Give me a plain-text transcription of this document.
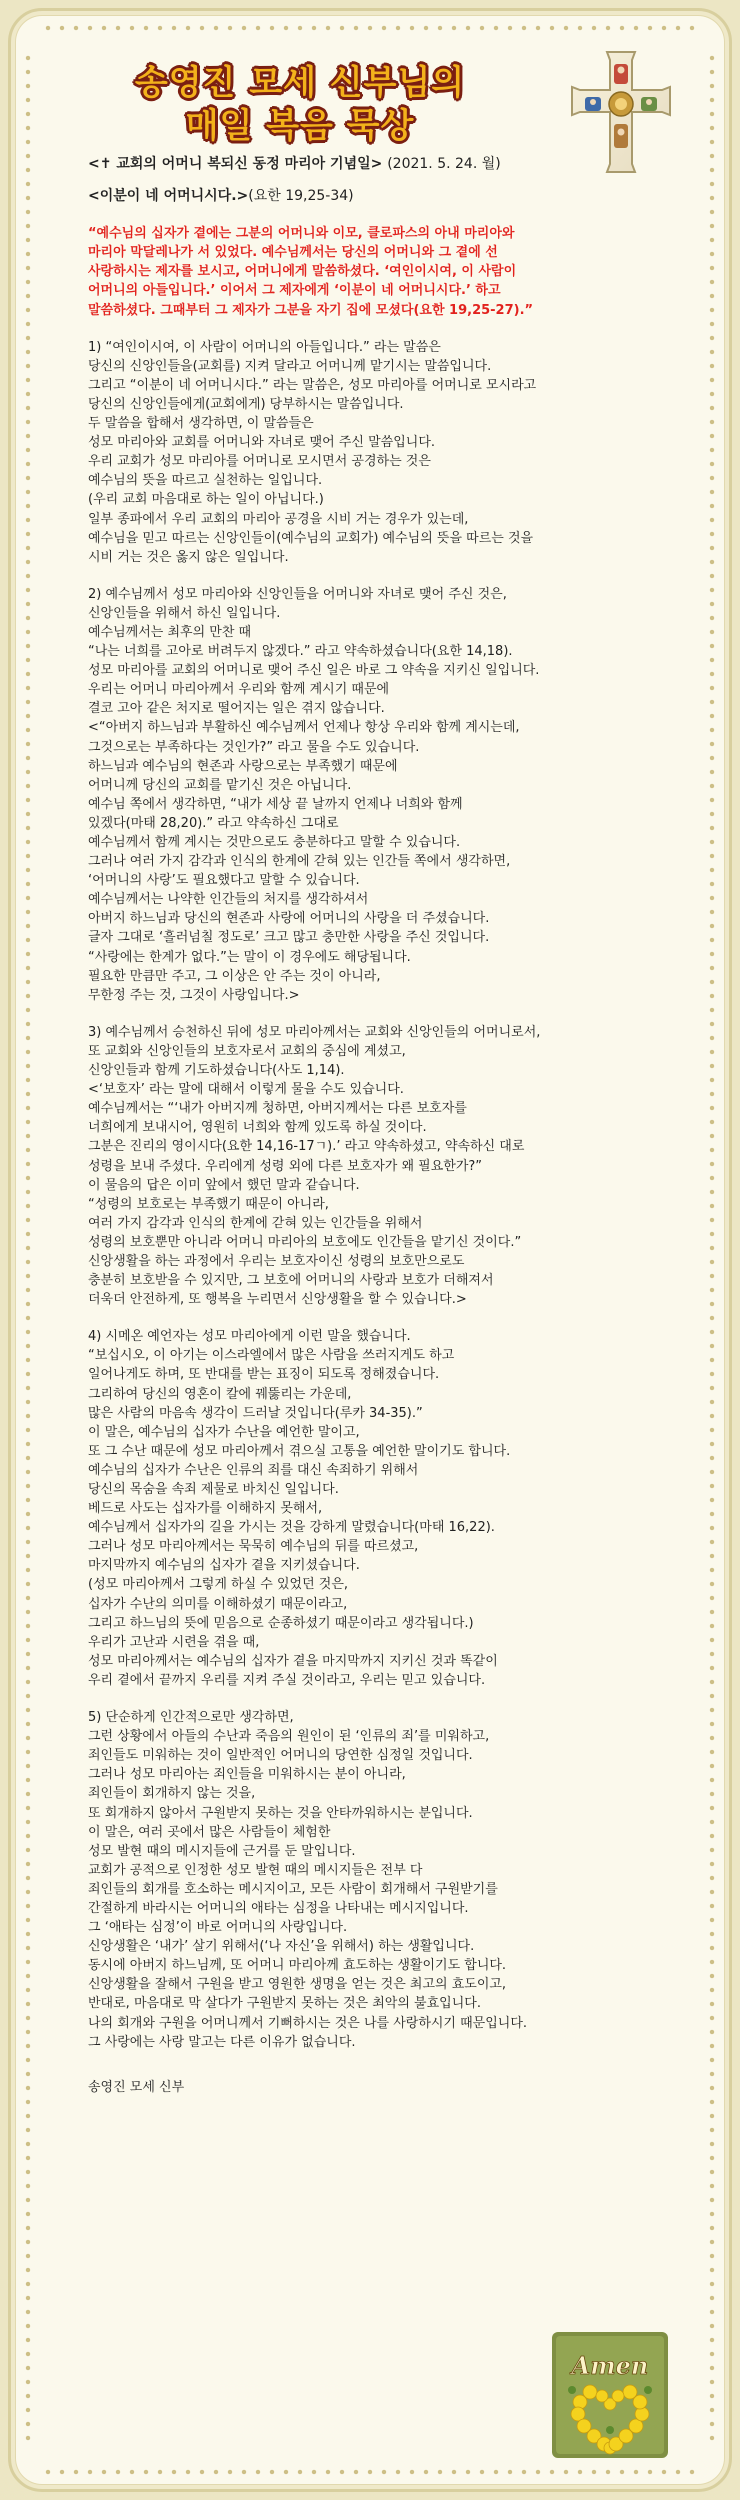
송영진 모세 신부님의
매일 복음 묵상
<✝ 교회의 어머니 복되신 동정 마리아 기념일> (2021. 5. 24. 월)
<이분이 네 어머니시다.>(요한 19,25-34)
“예수님의 십자가 곁에는 그분의 어머니와 이모, 클로파스의 아내 마리아와
마리아 막달레나가 서 있었다. 예수님께서는 당신의 어머니와 그 곁에 선
사랑하시는 제자를 보시고, 어머니에게 말씀하셨다. ‘여인이시여, 이 사람이
어머니의 아들입니다.’ 이어서 그 제자에게 ‘이분이 네 어머니시다.’ 하고
말씀하셨다. 그때부터 그 제자가 그분을 자기 집에 모셨다(요한 19,25-27).”
1) “여인이시여, 이 사람이 어머니의 아들입니다.” 라는 말씀은
당신의 신앙인들을(교회를) 지켜 달라고 어머니께 맡기시는 말씀입니다.
그리고 “이분이 네 어머니시다.” 라는 말씀은, 성모 마리아를 어머니로 모시라고
당신의 신앙인들에게(교회에게) 당부하시는 말씀입니다.
두 말씀을 합해서 생각하면, 이 말씀들은
성모 마리아와 교회를 어머니와 자녀로 맺어 주신 말씀입니다.
우리 교회가 성모 마리아를 어머니로 모시면서 공경하는 것은
예수님의 뜻을 따르고 실천하는 일입니다.
(우리 교회 마음대로 하는 일이 아닙니다.)
일부 종파에서 우리 교회의 마리아 공경을 시비 거는 경우가 있는데,
예수님을 믿고 따르는 신앙인들이(예수님의 교회가) 예수님의 뜻을 따르는 것을
시비 거는 것은 옳지 않은 일입니다.
2) 예수님께서 성모 마리아와 신앙인들을 어머니와 자녀로 맺어 주신 것은,
신앙인들을 위해서 하신 일입니다.
예수님께서는 최후의 만찬 때
“나는 너희를 고아로 버려두지 않겠다.” 라고 약속하셨습니다(요한 14,18).
성모 마리아를 교회의 어머니로 맺어 주신 일은 바로 그 약속을 지키신 일입니다.
우리는 어머니 마리아께서 우리와 함께 계시기 때문에
결코 고아 같은 처지로 떨어지는 일은 겪지 않습니다.
<“아버지 하느님과 부활하신 예수님께서 언제나 항상 우리와 함께 계시는데,
그것으로는 부족하다는 것인가?” 라고 물을 수도 있습니다.
하느님과 예수님의 현존과 사랑으로는 부족했기 때문에
어머니께 당신의 교회를 맡기신 것은 아닙니다.
예수님 쪽에서 생각하면, “내가 세상 끝 날까지 언제나 너희와 함께
있겠다(마태 28,20).” 라고 약속하신 그대로
예수님께서 함께 계시는 것만으로도 충분하다고 말할 수 있습니다.
그러나 여러 가지 감각과 인식의 한계에 갇혀 있는 인간들 쪽에서 생각하면,
‘어머니의 사랑’도 필요했다고 말할 수 있습니다.
예수님께서는 나약한 인간들의 처지를 생각하셔서
아버지 하느님과 당신의 현존과 사랑에 어머니의 사랑을 더 주셨습니다.
글자 그대로 ‘흘러넘칠 정도로’ 크고 많고 충만한 사랑을 주신 것입니다.
“사랑에는 한계가 없다.”는 말이 이 경우에도 해당됩니다.
필요한 만큼만 주고, 그 이상은 안 주는 것이 아니라,
무한정 주는 것, 그것이 사랑입니다.>
3) 예수님께서 승천하신 뒤에 성모 마리아께서는 교회와 신앙인들의 어머니로서,
또 교회와 신앙인들의 보호자로서 교회의 중심에 계셨고,
신앙인들과 함께 기도하셨습니다(사도 1,14).
<‘보호자’ 라는 말에 대해서 이렇게 물을 수도 있습니다.
예수님께서는 “‘내가 아버지께 청하면, 아버지께서는 다른 보호자를
너희에게 보내시어, 영원히 너희와 함께 있도록 하실 것이다.
그분은 진리의 영이시다(요한 14,16-17ㄱ).’ 라고 약속하셨고, 약속하신 대로
성령을 보내 주셨다. 우리에게 성령 외에 다른 보호자가 왜 필요한가?”
이 물음의 답은 이미 앞에서 했던 말과 같습니다.
“성령의 보호로는 부족했기 때문이 아니라,
여러 가지 감각과 인식의 한계에 갇혀 있는 인간들을 위해서
성령의 보호뿐만 아니라 어머니 마리아의 보호에도 인간들을 맡기신 것이다.”
신앙생활을 하는 과정에서 우리는 보호자이신 성령의 보호만으로도
충분히 보호받을 수 있지만, 그 보호에 어머니의 사랑과 보호가 더해져서
더욱더 안전하게, 또 행복을 누리면서 신앙생활을 할 수 있습니다.>
4) 시메온 예언자는 성모 마리아에게 이런 말을 했습니다.
“보십시오, 이 아기는 이스라엘에서 많은 사람을 쓰러지게도 하고
일어나게도 하며, 또 반대를 받는 표징이 되도록 정해졌습니다.
그리하여 당신의 영혼이 칼에 꿰뚫리는 가운데,
많은 사람의 마음속 생각이 드러날 것입니다(루카 34-35).”
이 말은, 예수님의 십자가 수난을 예언한 말이고,
또 그 수난 때문에 성모 마리아께서 겪으실 고통을 예언한 말이기도 합니다.
예수님의 십자가 수난은 인류의 죄를 대신 속죄하기 위해서
당신의 목숨을 속죄 제물로 바치신 일입니다.
베드로 사도는 십자가를 이해하지 못해서,
예수님께서 십자가의 길을 가시는 것을 강하게 말렸습니다(마태 16,22).
그러나 성모 마리아께서는 묵묵히 예수님의 뒤를 따르셨고,
마지막까지 예수님의 십자가 곁을 지키셨습니다.
(성모 마리아께서 그렇게 하실 수 있었던 것은,
십자가 수난의 의미를 이해하셨기 때문이라고,
그리고 하느님의 뜻에 믿음으로 순종하셨기 때문이라고 생각됩니다.)
우리가 고난과 시련을 겪을 때,
성모 마리아께서는 예수님의 십자가 곁을 마지막까지 지키신 것과 똑같이
우리 곁에서 끝까지 우리를 지켜 주실 것이라고, 우리는 믿고 있습니다.
5) 단순하게 인간적으로만 생각하면,
그런 상황에서 아들의 수난과 죽음의 원인이 된 ‘인류의 죄’를 미워하고,
죄인들도 미워하는 것이 일반적인 어머니의 당연한 심정일 것입니다.
그러나 성모 마리아는 죄인들을 미워하시는 분이 아니라,
죄인들이 회개하지 않는 것을,
또 회개하지 않아서 구원받지 못하는 것을 안타까워하시는 분입니다.
이 말은, 여러 곳에서 많은 사람들이 체험한
성모 발현 때의 메시지들에 근거를 둔 말입니다.
교회가 공적으로 인정한 성모 발현 때의 메시지들은 전부 다
죄인들의 회개를 호소하는 메시지이고, 모든 사람이 회개해서 구원받기를
간절하게 바라시는 어머니의 애타는 심정을 나타내는 메시지입니다.
그 ‘애타는 심정’이 바로 어머니의 사랑입니다.
신앙생활은 ‘내가’ 살기 위해서(‘나 자신’을 위해서) 하는 생활입니다.
동시에 아버지 하느님께, 또 어머니 마리아께 효도하는 생활이기도 합니다.
신앙생활을 잘해서 구원을 받고 영원한 생명을 얻는 것은 최고의 효도이고,
반대로, 마음대로 막 살다가 구원받지 못하는 것은 최악의 불효입니다.
나의 회개와 구원을 어머니께서 기뻐하시는 것은 나를 사랑하시기 때문입니다.
그 사랑에는 사랑 말고는 다른 이유가 없습니다.
송영진 모세 신부
Amen
